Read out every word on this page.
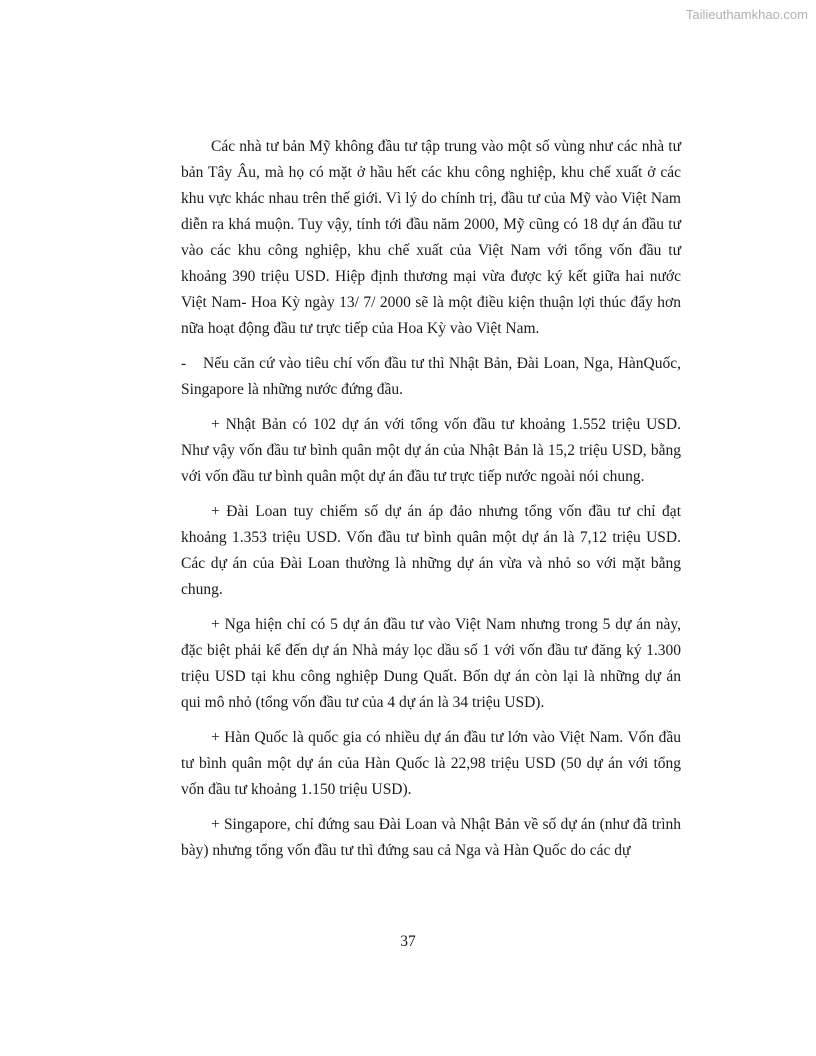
Tailieuthamkhao.com

Các nhà tư bản Mỹ không đầu tư tập trung vào một số vùng như các nhà tư bản Tây Âu, mà họ có mặt ở hầu hết các khu công nghiệp, khu chế xuất ở các khu vực khác nhau trên thế giới. Vì lý do chính trị, đầu tư của Mỹ vào Việt Nam diễn ra khá muộn. Tuy vậy, tính tới đầu năm 2000, Mỹ cũng có 18 dự án đầu tư vào các khu công nghiệp, khu chế xuất của Việt Nam với tổng vốn đầu tư khoảng 390 triệu USD. Hiệp định thương mại vừa được ký kết giữa hai nước Việt Nam- Hoa Kỳ ngày 13/ 7/ 2000 sẽ là một điều kiện thuận lợi thúc đẩy hơn nữa hoạt động đầu tư trực tiếp của Hoa Kỳ vào Việt Nam.

- Nếu căn cứ vào tiêu chí vốn đầu tư thì Nhật Bản, Đài Loan, Nga, HànQuốc, Singapore là những nước đứng đầu.

+ Nhật Bản có 102 dự án với tổng vốn đầu tư khoảng 1.552 triệu USD. Như vậy vốn đầu tư bình quân một dự án của Nhật Bản là 15,2 triệu USD, bằng với vốn đầu tư bình quân một dự án đầu tư trực tiếp nước ngoài nói chung.

+ Đài Loan tuy chiếm số dự án áp đảo nhưng tổng vốn đầu tư chỉ đạt khoảng 1.353 triệu USD. Vốn đầu tư bình quân một dự án là 7,12 triệu USD. Các dự án của Đài Loan thường là những dự án vừa và nhỏ so với mặt bằng chung.

+ Nga hiện chỉ có 5 dự án đầu tư vào Việt Nam nhưng trong 5 dự án này, đặc biệt phải kể đến dự án Nhà máy lọc dầu số 1 với vốn đầu tư đăng ký 1.300 triệu USD tại khu công nghiệp Dung Quất. Bốn dự án còn lại là những dự án qui mô nhỏ (tổng vốn đầu tư của 4 dự án là 34 triệu USD).

+ Hàn Quốc là quốc gia có nhiều dự án đầu tư lớn vào Việt Nam. Vốn đầu tư bình quân một dự án của Hàn Quốc là 22,98 triệu USD (50 dự án với tổng vốn đầu tư khoảng 1.150 triệu USD).

+ Singapore, chỉ đứng sau Đài Loan và Nhật Bản về số dự án (như đã trình bày) nhưng tổng vốn đầu tư thì đứng sau cả Nga và Hàn Quốc do các dự

37
